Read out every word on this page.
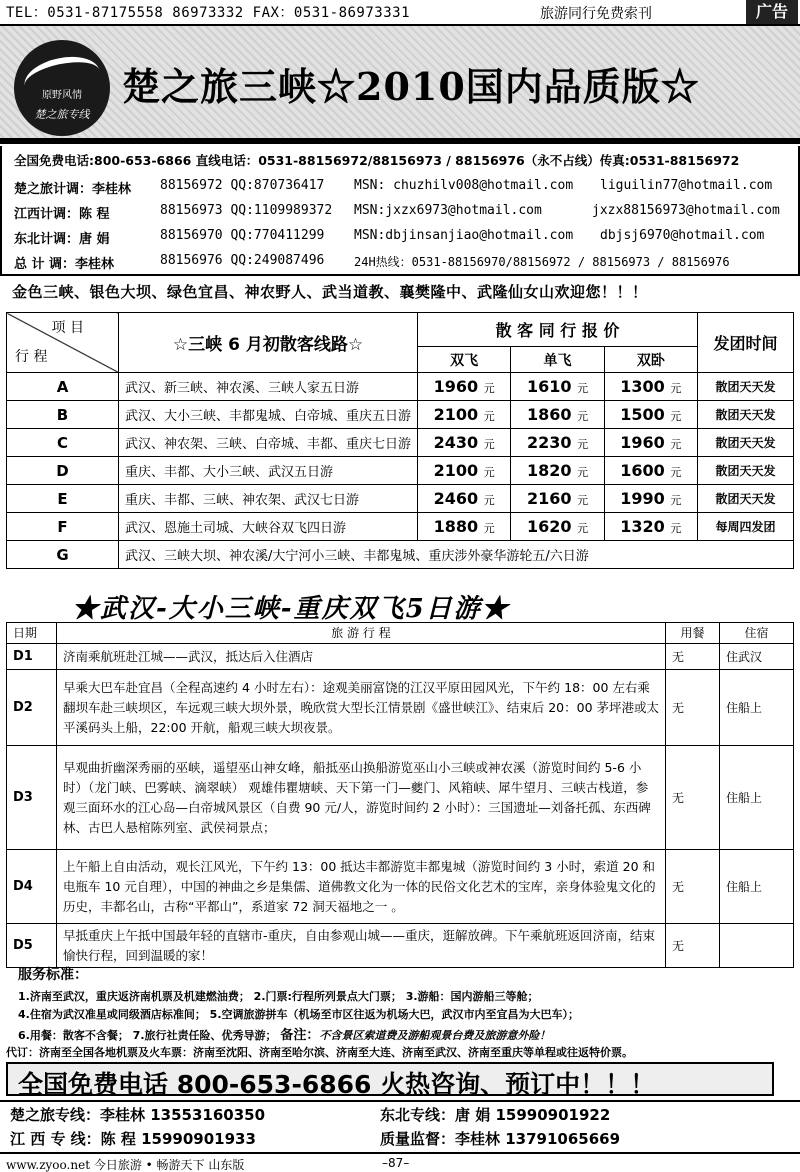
TEL：0531-87175558 86973332 FAX：0531-86973331	旅游同行免费索刊	广告
原野风情
楚之旅专线
楚之旅三峡☆2010国内品质版☆
全国免费电话:800-653-6866 直线电话：0531-88156972/88156973 / 88156976（永不占线）传真:0531-88156972
楚之旅计调：李桂林 88156972 QQ:870736417 MSN: chuzhilv008@hotmail.com liguilin77@hotmail.com
江西计调：陈 程	88156973 QQ:1109989372 MSN:jxzx6973@hotmail.com	jxzx88156973@hotmail.com
东北计调：唐 娟	88156970 QQ:770411299 MSN:dbjinsanjiao@hotmail.com dbjsj6970@hotmail.com
总 计 调：李桂林	88156976 QQ:249087496 24H热线：0531-88156970/88156972 / 88156973 / 88156976
金色三峡、银色大坝、绿色宜昌、神农野人、武当道教、襄樊隆中、武隆仙女山欢迎您！！！
项 目
行 程	☆三峡 6 月初散客线路☆	散 客 同 行 报 价			发团时间
		双飞	单飞	双卧	
A	武汉、新三峡、神农溪、三峡人家五日游	1960 元	1610 元	1300 元	散团天天发
B	武汉、大小三峡、丰都鬼城、白帝城、重庆五日游	2100 元	1860 元	1500 元	散团天天发
C	武汉、神农架、三峡、白帝城、丰都、重庆七日游	2430 元	2230 元	1960 元	散团天天发
D	重庆、丰都、大小三峡、武汉五日游	2100 元	1820 元	1600 元	散团天天发
E	重庆、丰都、三峡、神农架、武汉七日游	2460 元	2160 元	1990 元	散团天天发
F	武汉、恩施土司城、大峡谷双飞四日游	1880 元	1620 元	1320 元	每周四发团
G	武汉、三峡大坝、神农溪/大宁河小三峡、丰都鬼城、重庆涉外豪华游轮五/六日游				
★武汉-大小三峡-重庆双飞5日游★
日期	旅 游 行 程	用餐	住宿
D1	济南乘航班赴江城——武汉，抵达后入住酒店	无	住武汉
D2	早乘大巴车赴宜昌（全程高速约 4 小时左右）：途观美丽富饶的江汉平原田园风光，下午约 18：00 左右乘翻坝车赴三峡坝区，车远观三峡大坝外景，晚欣赏大型长江情景剧《盛世峡江》、结束后 20：00 茅坪港或太平溪码头上船，22:00 开航，船观三峡大坝夜景。	无	住船上
D3	早观曲折幽深秀丽的巫峡，遥望巫山神女峰，船抵巫山换船游览巫山小三峡或神农溪（游览时间约 5-6 小时）（龙门峡、巴雾峡、滴翠峡） 观雄伟瞿塘峡、天下第一门—夔门、风箱峡、犀牛望月、三峡古栈道，参观三面环水的江心岛—白帝城风景区（自费 90 元/人，游览时间约 2 小时）：三国遗址—刘备托孤、东西碑林、古巴人悬棺陈列室、武侯祠景点；	无	住船上
D4	上午船上自由活动，观长江风光，下午约 13：00 抵达丰都游览丰都鬼城（游览时间约 3 小时，索道 20 和电瓶车 10 元自理），中国的神曲之乡是集儒、道佛教文化为一体的民俗文化艺术的宝库，亲身体验鬼文化的历史，丰都名山，古称“平都山”，系道家 72 洞天福地之一 。	无	住船上
D5	早抵重庆上午抵中国最年轻的直辖市-重庆，自由参观山城——重庆，逛解放碑。下午乘航班返回济南，结束愉快行程，回到温暖的家！	无	
服务标准：
1.济南至武汉，重庆返济南机票及机建燃油费； 2.门票:行程所列景点大门票； 3.游船：国内游船三等舱；
4.住宿为武汉准星或同级酒店标准间； 5.空调旅游拼车（机场至市区往返为机场大巴，武汉市内至宜昌为大巴车）；
6.用餐：散客不含餐； 7.旅行社责任险、优秀导游； 备注：不含景区索道费及游船观景台费及旅游意外险！
代订：济南至全国各地机票及火车票：济南至沈阳、济南至哈尔滨、济南至大连、济南至武汉、济南至重庆等单程或往返特价票。
全国免费电话 800-653-6866 火热咨询、预订中！！！
楚之旅专线：李桂林 13553160350	东北专线：唐 娟 15990901922
江 西 专 线：陈 程 15990901933	质量监督：李桂林 13791065669
www.zyoo.net 今日旅游 • 畅游天下 山东版	–87–
